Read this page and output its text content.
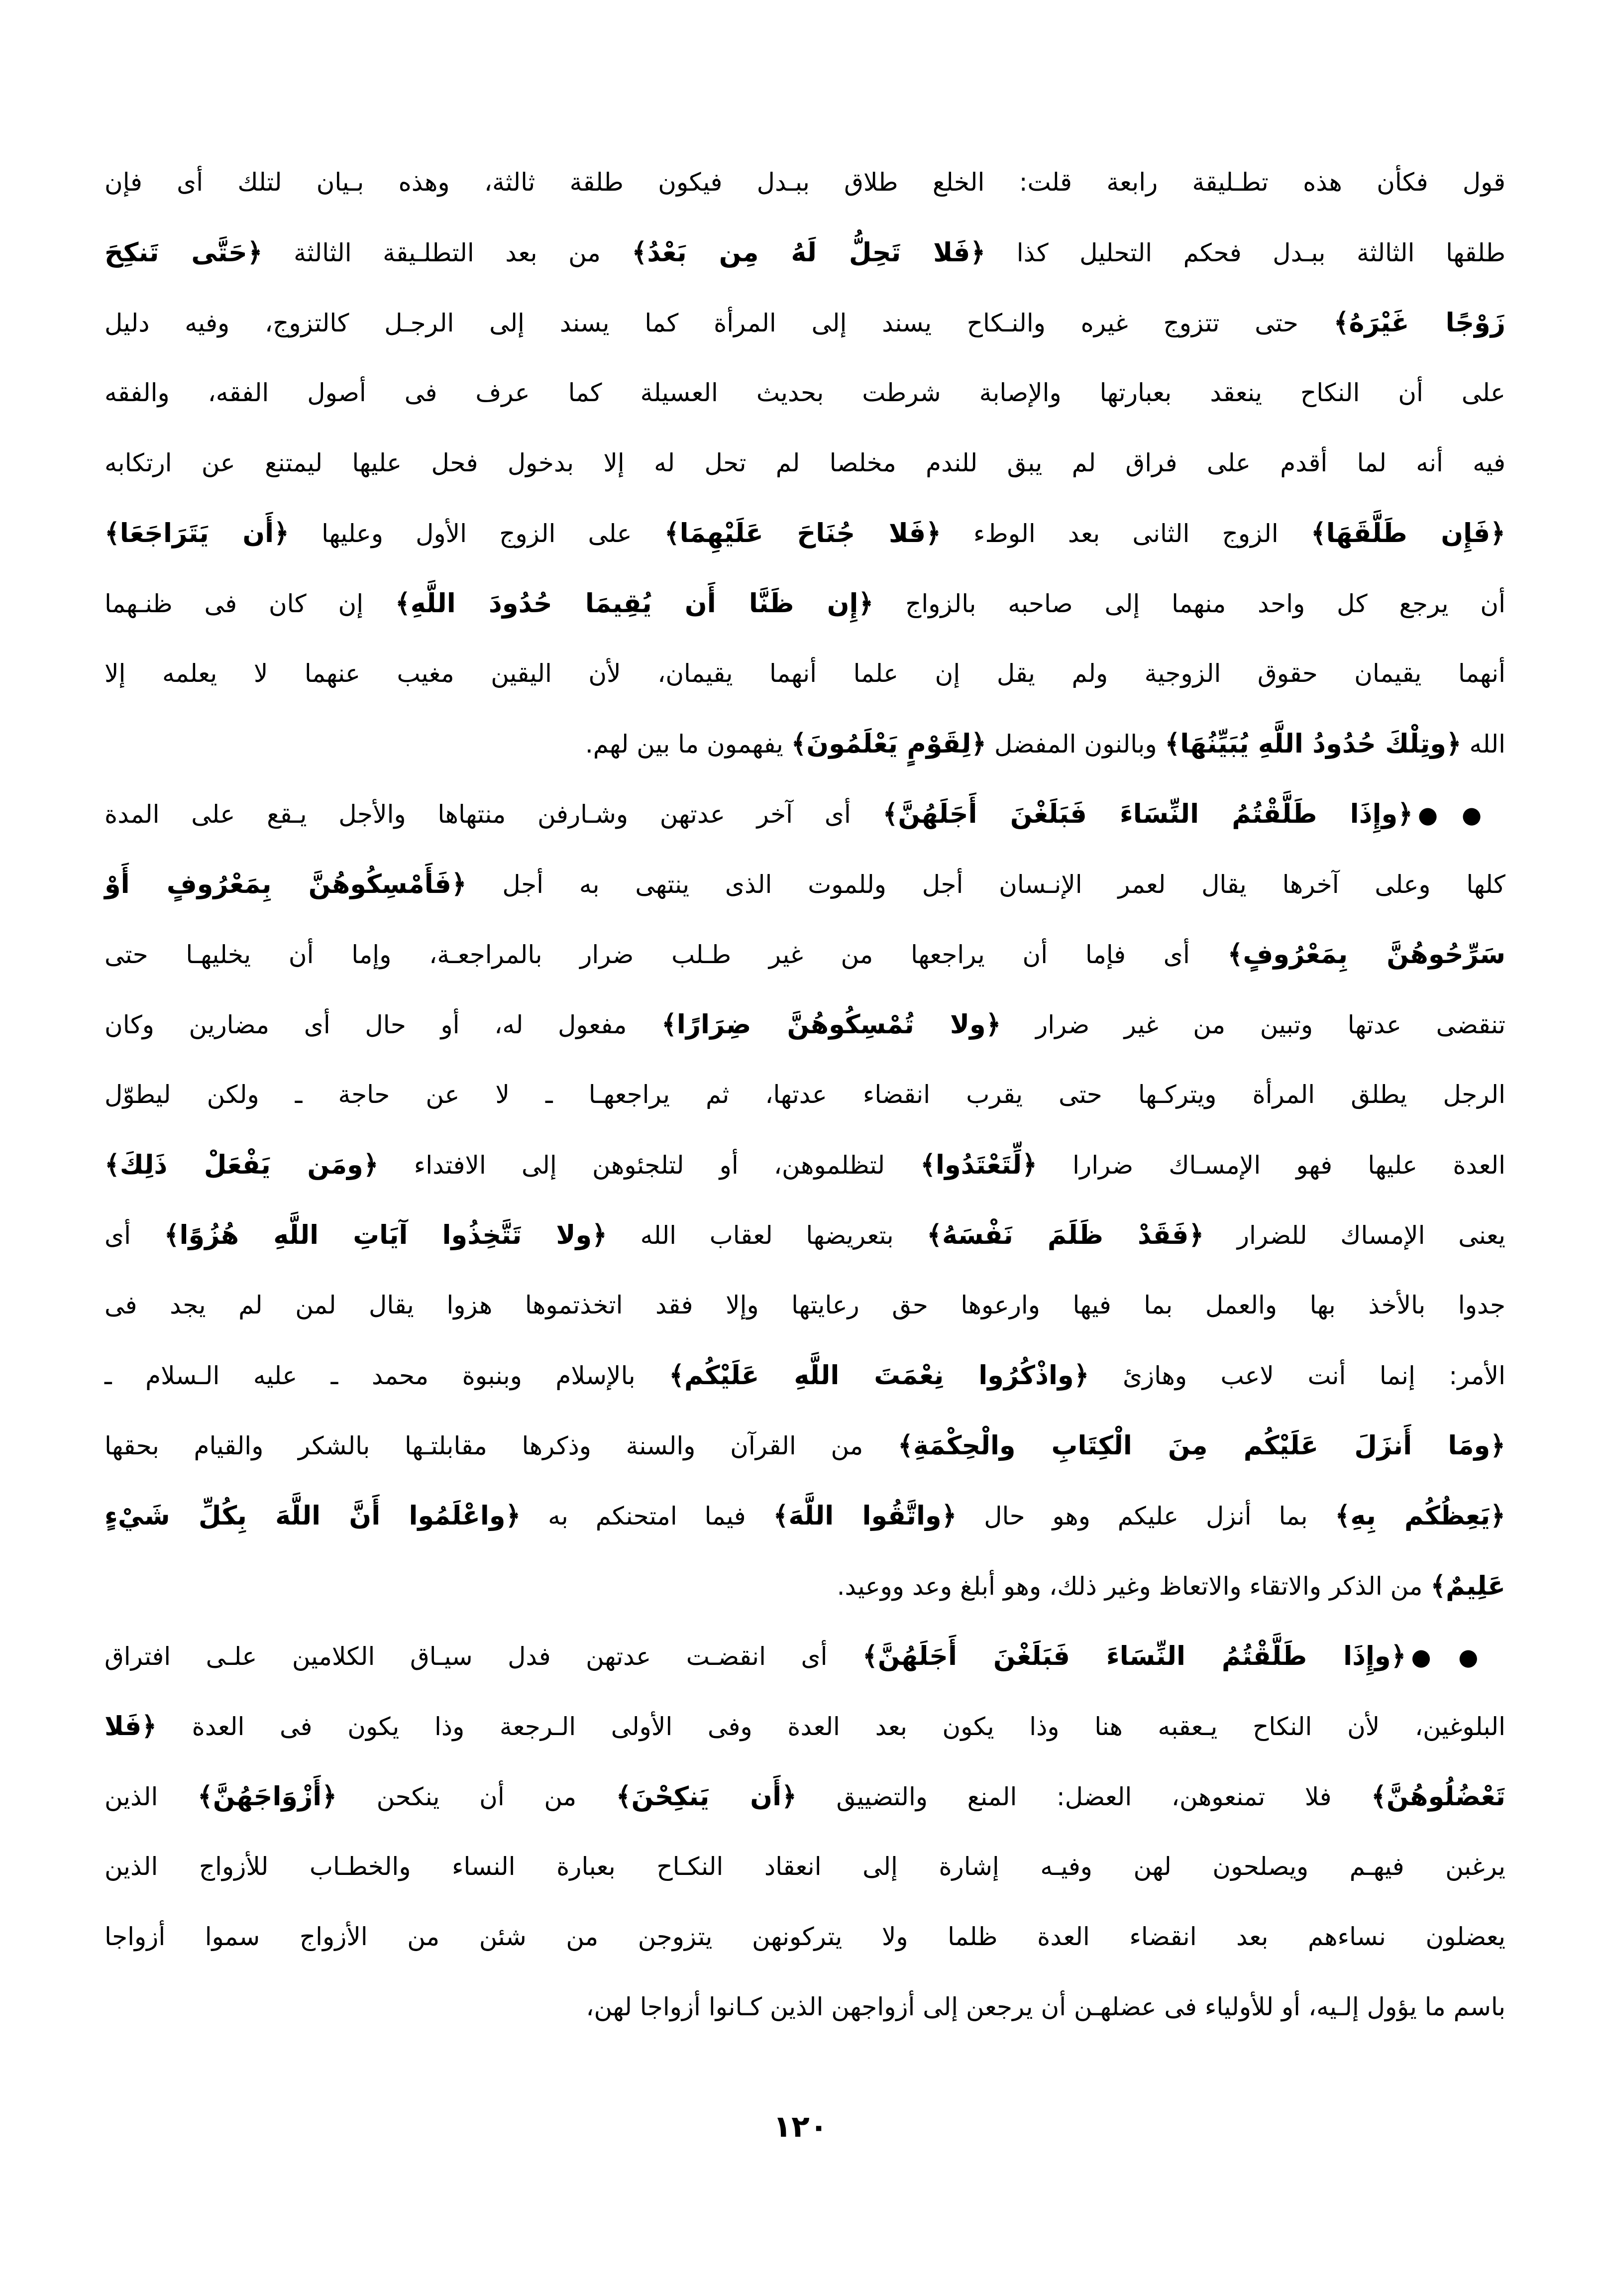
قول فكأن هذه تطـليقة رابعة قلت: الخلع طلاق ببـدل فيكون طلقة ثالثة، وهذه بـيان لتلك أى فإن
طلقها الثالثة ببـدل فحكم التحليل كذا ﴿فَلا تَحِلُّ لَهُ مِن بَعْدُ﴾ من بعد التطلـيقة الثالثة ﴿حَتَّى تَنكِحَ
زَوْجًا غَيْرَهُ﴾ حتى تتزوج غيره والنـكاح يسند إلى المرأة كما يسند إلى الرجـل كالتزوج، وفيه دليل
على أن النكاح ينعقد بعبارتها والإصابة شرطت بحديث العسيلة كما عرف فى أصول الفقه، والفقه
فيه أنه لما أقدم على فراق لم يبق للندم مخلصا لم تحل له إلا بدخول فحل عليها ليمتنع عن ارتكابه
﴿فَإِن طَلَّقَهَا﴾ الزوج الثانى بعد الوطء ﴿فَلا جُنَاحَ عَلَيْهِمَا﴾ على الزوج الأول وعليها ﴿أَن يَتَرَاجَعَا﴾
أن يرجع كل واحد منهما إلى صاحبه بالزواج ﴿إِن ظَنَّا أَن يُقِيمَا حُدُودَ اللَّهِ﴾ إن كان فى ظنـهما
أنهما يقيمان حقوق الزوجية ولم يقل إن علما أنهما يقيمان، لأن اليقين مغيب عنهما لا يعلمه إلا
الله ﴿وتِلْكَ حُدُودُ اللَّهِ يُبَيِّنُهَا﴾ وبالنون المفضل ﴿لِقَوْمٍ يَعْلَمُونَ﴾ يفهمون ما بين لهم.
●●﴿وإِذَا طَلَّقْتُمُ النِّسَاءَ فَبَلَغْنَ أَجَلَهُنَّ﴾ أى آخر عدتهن وشـارفن منتهاها والأجل يـقع على المدة
كلها وعلى آخرها يقال لعمر الإنـسان أجل وللموت الذى ينتهى به أجل ﴿فَأَمْسِكُوهُنَّ بِمَعْرُوفٍ أَوْ
سَرِّحُوهُنَّ بِمَعْرُوفٍ﴾ أى فإما أن يراجعها من غير طـلب ضرار بالمراجعـة، وإما أن يخليهـا حتى
تنقضى عدتها وتبين من غير ضرار ﴿ولا تُمْسِكُوهُنَّ ضِرَارًا﴾ مفعول له، أو حال أى مضارين وكان
الرجل يطلق المرأة ويتركـها حتى يقرب انقضاء عدتها، ثم يراجعهـا ـ لا عن حاجة ـ ولكن ليطوّل
العدة عليها فهو الإمسـاك ضرارا ﴿لِّتَعْتَدُوا﴾ لتظلموهن، أو لتلجئوهن إلى الافتداء ﴿ومَن يَفْعَلْ ذَلِكَ﴾
يعنى الإمساك للضرار ﴿فَقَدْ ظَلَمَ نَفْسَهُ﴾ بتعريضها لعقاب الله ﴿ولا تَتَّخِذُوا آيَاتِ اللَّهِ هُزُوًا﴾ أى
جدوا بالأخذ بها والعمل بما فيها وارعوها حق رعايتها وإلا فقد اتخذتموها هزوا يقال لمن لم يجد فى
الأمر: إنما أنت لاعب وهازئ ﴿واذْكُرُوا نِعْمَتَ اللَّهِ عَلَيْكُم﴾ بالإسلام وبنبوة محمد ـ عليه الـسلام ـ
﴿ومَا أَنزَلَ عَلَيْكُم مِنَ الْكِتَابِ والْحِكْمَةِ﴾ من القرآن والسنة وذكرها مقابلتـها بالشكر والقيام بحقها
﴿يَعِظُكُم بِهِ﴾ بما أنزل عليكم وهو حال ﴿واتَّقُوا اللَّهَ﴾ فيما امتحنكم به ﴿واعْلَمُوا أَنَّ اللَّهَ بِكُلِّ شَيْءٍ
عَلِيمٌ﴾ من الذكر والاتقاء والاتعاظ وغير ذلك، وهو أبلغ وعد ووعيد.
●●﴿وإِذَا طَلَّقْتُمُ النِّسَاءَ فَبَلَغْنَ أَجَلَهُنَّ﴾ أى انقضـت عدتهن فدل سيـاق الكلامين علـى افتراق
البلوغين، لأن النكاح يـعقبه هنا وذا يكون بعد العدة وفى الأولى الـرجعة وذا يكون فى العدة ﴿فَلا
تَعْضُلُوهُنَّ﴾ فلا تمنعوهن، العضل: المنع والتضييق ﴿أَن يَنكِحْنَ﴾ من أن ينكحن ﴿أَزْوَاجَهُنَّ﴾ الذين
يرغبن فيهـم ويصلحون لهن وفيـه إشارة إلى انعقاد النكـاح بعبارة النساء والخطـاب للأزواج الذين
يعضلون نساءهم بعد انقضاء العدة ظلما ولا يتركونهن يتزوجن من شئن من الأزواج سموا أزواجا
باسم ما يؤول إلـيه، أو للأولياء فى عضلهـن أن يرجعن إلى أزواجهن الذين كـانوا أزواجا لهن،
١٢٠
